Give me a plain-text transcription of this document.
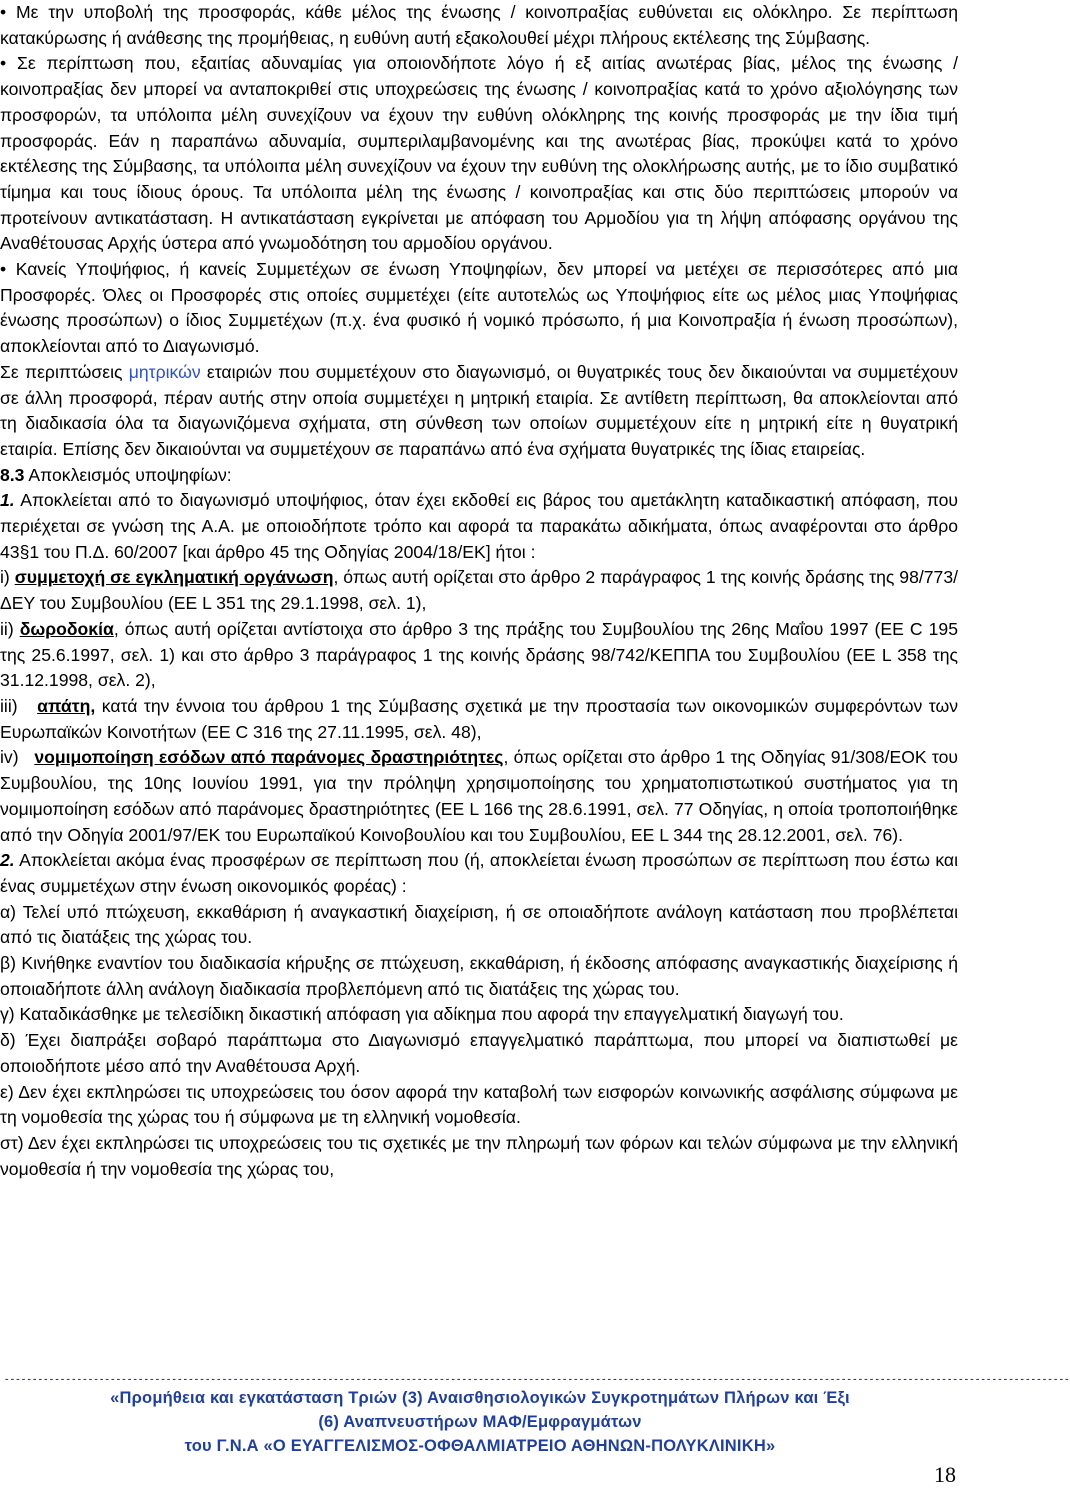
• Με την υποβολή της προσφοράς, κάθε μέλος της ένωσης / κοινοπραξίας ευθύνεται εις ολόκληρο. Σε περίπτωση κατακύρωσης ή ανάθεσης της προμήθειας, η ευθύνη αυτή εξακολουθεί μέχρι πλήρους εκτέλεσης της Σύμβασης.

• Σε περίπτωση που, εξαιτίας αδυναμίας για οποιονδήποτε λόγο ή εξ αιτίας ανωτέρας βίας, μέλος της ένωσης / κοινοπραξίας δεν μπορεί να ανταποκριθεί στις υποχρεώσεις της ένωσης / κοινοπραξίας κατά το χρόνο αξιολόγησης των προσφορών, τα υπόλοιπα μέλη συνεχίζουν να έχουν την ευθύνη ολόκληρης της κοινής προσφοράς με την ίδια τιμή προσφοράς. Εάν η παραπάνω αδυναμία, συμπεριλαμβανομένης και της ανωτέρας βίας, προκύψει κατά το χρόνο εκτέλεσης της Σύμβασης, τα υπόλοιπα μέλη συνεχίζουν να έχουν την ευθύνη της ολοκλήρωσης αυτής, με το ίδιο συμβατικό τίμημα και τους ίδιους όρους. Τα υπόλοιπα μέλη της ένωσης / κοινοπραξίας και στις δύο περιπτώσεις μπορούν να προτείνουν αντικατάσταση. Η αντικατάσταση εγκρίνεται με απόφαση του Αρμοδίου για τη λήψη απόφασης οργάνου της Αναθέτουσας Αρχής ύστερα από γνωμοδότηση του αρμοδίου οργάνου.

• Κανείς Υποψήφιος, ή κανείς Συμμετέχων σε ένωση Υποψηφίων, δεν μπορεί να μετέχει σε περισσότερες από μια Προσφορές. Όλες οι Προσφορές στις οποίες συμμετέχει (είτε αυτοτελώς ως Υποψήφιος είτε ως μέλος μιας Υποψήφιας ένωσης προσώπων) ο ίδιος Συμμετέχων (π.χ. ένα φυσικό ή νομικό πρόσωπο, ή μια Κοινοπραξία ή ένωση προσώπων), αποκλείονται από το Διαγωνισμό.

Σε περιπτώσεις μητρικών εταιριών που συμμετέχουν στο διαγωνισμό, οι θυγατρικές τους δεν δικαιούνται να συμμετέχουν σε άλλη προσφορά, πέραν αυτής στην οποία συμμετέχει η μητρική εταιρία. Σε αντίθετη περίπτωση, θα αποκλείονται από τη διαδικασία όλα τα διαγωνιζόμενα σχήματα, στη σύνθεση των οποίων συμμετέχουν είτε η μητρική είτε η θυγατρική εταιρία. Επίσης δεν δικαιούνται να συμμετέχουν σε παραπάνω από ένα σχήματα θυγατρικές της ίδιας εταιρείας.

8.3 Αποκλεισμός υποψηφίων:

1. Αποκλείεται από το διαγωνισμό υποψήφιος, όταν έχει εκδοθεί εις βάρος του αμετάκλητη καταδικαστική απόφαση, που περιέχεται σε γνώση της Α.Α. με οποιοδήποτε τρόπο και αφορά τα παρακάτω αδικήματα, όπως αναφέρονται στο άρθρο 43§1 του Π.Δ. 60/2007 [και άρθρο 45 της Οδηγίας 2004/18/ΕΚ] ήτοι :

i) συμμετοχή σε εγκληματική οργάνωση, όπως αυτή ορίζεται στο άρθρο 2 παράγραφος 1 της κοινής δράσης της 98/773/ΔΕΥ του Συμβουλίου (ΕΕ L 351 της 29.1.1998, σελ. 1),

ii) δωροδοκία, όπως αυτή ορίζεται αντίστοιχα στο άρθρο 3 της πράξης του Συμβουλίου της 26ης Μαΐου 1997 (ΕΕ C 195 της 25.6.1997, σελ. 1) και στο άρθρο 3 παράγραφος 1 της κοινής δράσης 98/742/ΚΕΠΠΑ του Συμβουλίου (ΕΕ L 358 της 31.12.1998, σελ. 2),

iii)   απάτη, κατά την έννοια του άρθρου 1 της Σύμβασης σχετικά με την προστασία των οικονομικών συμφερόντων των Ευρωπαϊκών Κοινοτήτων (ΕΕ C 316 της 27.11.1995, σελ. 48),

iv)   νομιμοποίηση εσόδων από παράνομες δραστηριότητες, όπως ορίζεται στο άρθρο 1 της Οδηγίας 91/308/ΕΟΚ του Συμβουλίου, της 10ης Ιουνίου 1991, για την πρόληψη χρησιμοποίησης του χρηματοπιστωτικού συστήματος για τη νομιμοποίηση εσόδων από παράνομες δραστηριότητες (ΕΕ L 166 της 28.6.1991, σελ. 77 Οδηγίας, η οποία τροποποιήθηκε από την Οδηγία 2001/97/ΕΚ του Ευρωπαϊκού Κοινοβουλίου και του Συμβουλίου, ΕΕ L 344 της 28.12.2001, σελ. 76).

2. Αποκλείεται ακόμα ένας προσφέρων σε περίπτωση που (ή, αποκλείεται ένωση προσώπων σε περίπτωση που έστω και ένας συμμετέχων στην ένωση οικονομικός φορέας) :

α) Τελεί υπό πτώχευση, εκκαθάριση ή αναγκαστική διαχείριση, ή σε οποιαδήποτε ανάλογη κατάσταση που προβλέπεται από τις διατάξεις της χώρας του.

β) Κινήθηκε εναντίον του διαδικασία κήρυξης σε πτώχευση, εκκαθάριση, ή έκδοσης απόφασης αναγκαστικής διαχείρισης ή οποιαδήποτε άλλη ανάλογη διαδικασία προβλεπόμενη από τις διατάξεις της χώρας του.

γ) Καταδικάσθηκε με τελεσίδικη δικαστική απόφαση για αδίκημα που αφορά την επαγγελματική διαγωγή του.

δ) Έχει διαπράξει σοβαρό παράπτωμα στο Διαγωνισμό επαγγελματικό παράπτωμα, που μπορεί να διαπιστωθεί με οποιοδήποτε μέσο από την Αναθέτουσα Αρχή.

ε) Δεν έχει εκπληρώσει τις υποχρεώσεις του όσον αφορά την καταβολή των εισφορών κοινωνικής ασφάλισης σύμφωνα με τη νομοθεσία της χώρας του ή σύμφωνα με τη ελληνική νομοθεσία.

στ) Δεν έχει εκπληρώσει τις υποχρεώσεις του τις σχετικές με την πληρωμή των φόρων και τελών σύμφωνα με την ελληνική νομοθεσία ή την νομοθεσία της χώρας του,

-----------------------------------------------------------------------------------------------------------------------------------------------------------------------------------------------
«Προμήθεια και εγκατάσταση Τριών (3) Αναισθησιολογικών Συγκροτημάτων Πλήρων και Έξι
(6) Αναπνευστήρων ΜΑΦ/Εμφραγμάτων
του Γ.Ν.Α «Ο ΕΥΑΓΓΕΛΙΣΜΟΣ-ΟΦΘΑΛΜΙΑΤΡΕΙΟ ΑΘΗΝΩΝ-ΠΟΛΥΚΛΙΝΙΚΗ»
18
